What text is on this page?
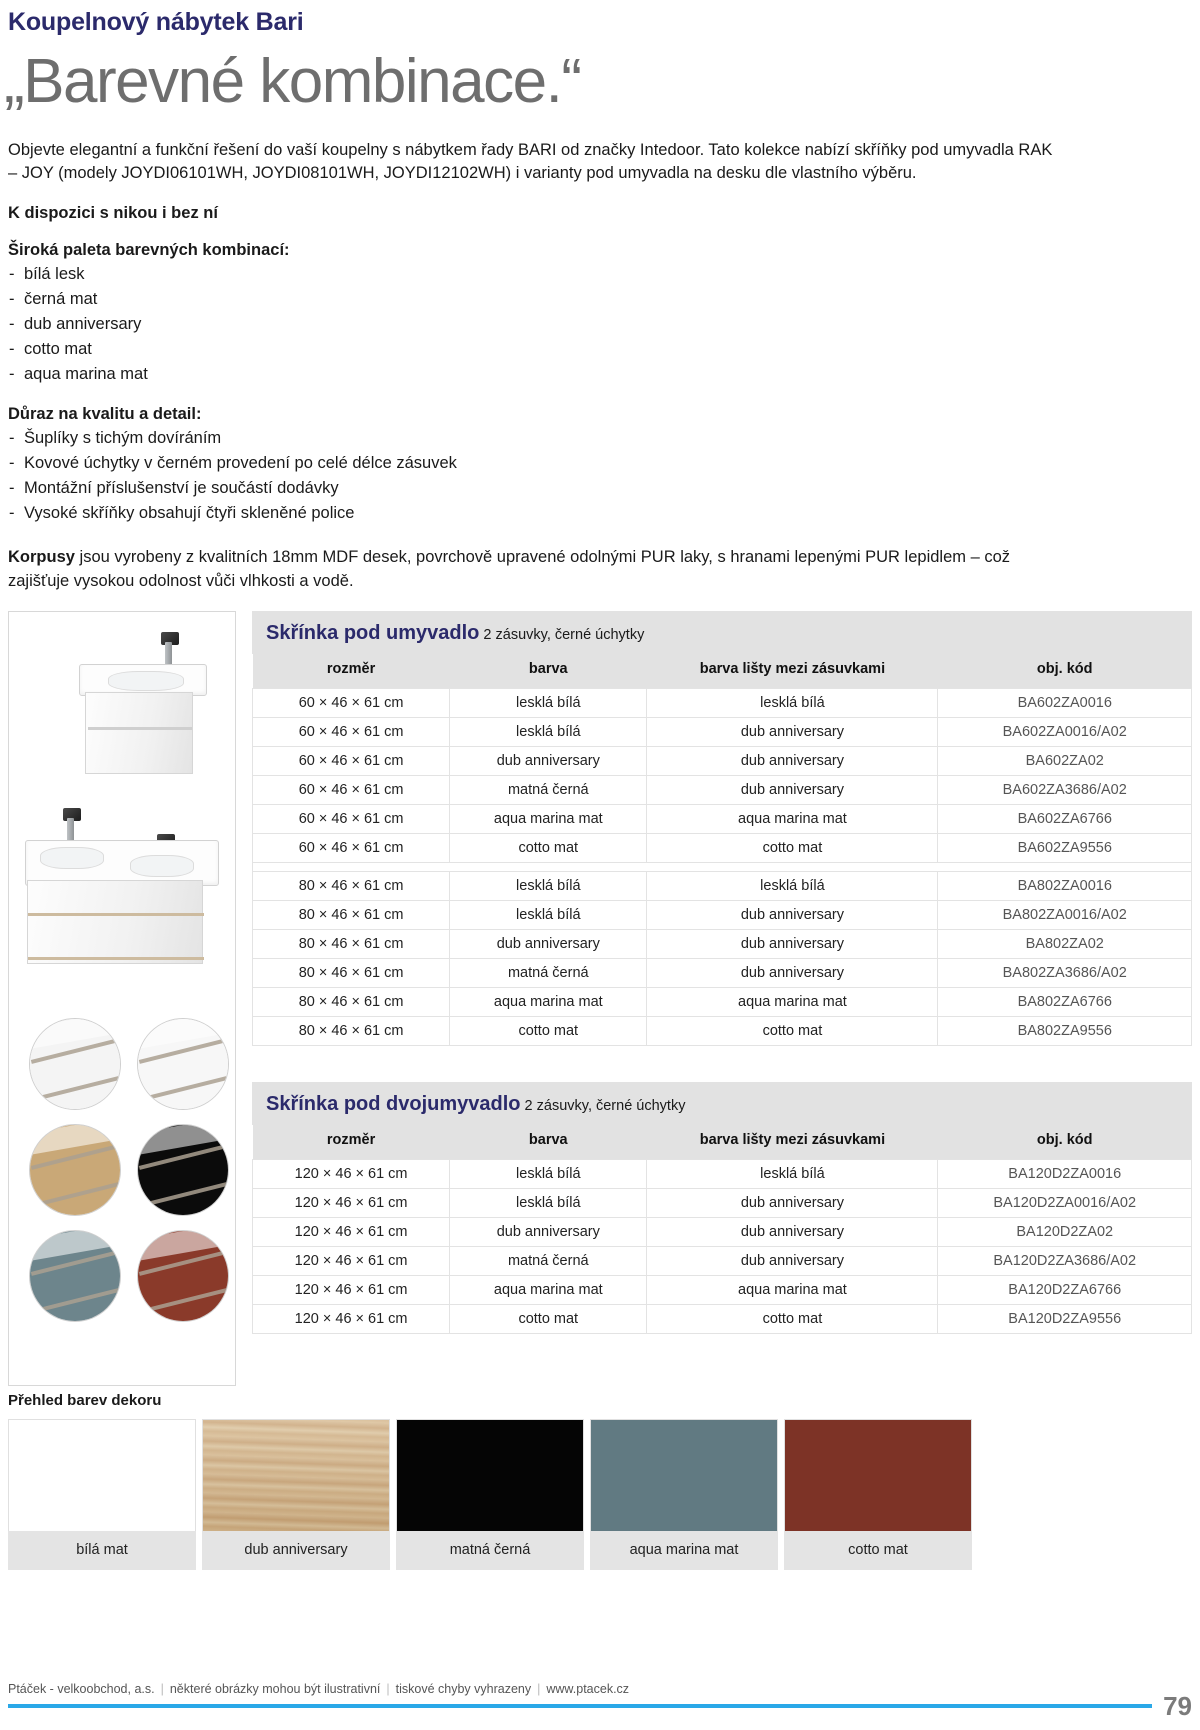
Koupelnový nábytek Bari
„Barevné kombinace.“

Objevte elegantní a funkční řešení do vaší koupelny s nábytkem řady BARI od značky Intedoor. Tato kolekce nabízí skříňky pod umyvadla RAK – JOY (modely JOYDI06101WH, JOYDI08101WH, JOYDI12102WH) i varianty pod umyvadla na desku dle vlastního výběru.

K dispozici s nikou i bez ní
Široká paleta barevných kombinací:
- bílá lesk
- černá mat
- dub anniversary
- cotto mat
- aqua marina mat
Důraz na kvalitu a detail:
- Šuplíky s tichým dovíráním
- Kovové úchytky v černém provedení po celé délce zásuvek
- Montážní příslušenství je součástí dodávky
- Vysoké skříňky obsahují čtyři skleněné police

Korpusy jsou vyrobeny z kvalitních 18mm MDF desek, povrchově upravené odolnými PUR laky, s hranami lepenými PUR lepidlem – což zajišťuje vysokou odolnost vůči vlhkosti a vodě.

Skřínka pod umyvadlo 2 zásuvky, černé úchytky
rozměr	barva	barva lišty mezi zásuvkami	obj. kód
60 × 46 × 61 cm	lesklá bílá	lesklá bílá	BA602ZA0016
60 × 46 × 61 cm	lesklá bílá	dub anniversary	BA602ZA0016/A02
60 × 46 × 61 cm	dub anniversary	dub anniversary	BA602ZA02
60 × 46 × 61 cm	matná černá	dub anniversary	BA602ZA3686/A02
60 × 46 × 61 cm	aqua marina mat	aqua marina mat	BA602ZA6766
60 × 46 × 61 cm	cotto mat	cotto mat	BA602ZA9556

80 × 46 × 61 cm	lesklá bílá	lesklá bílá	BA802ZA0016
80 × 46 × 61 cm	lesklá bílá	dub anniversary	BA802ZA0016/A02
80 × 46 × 61 cm	dub anniversary	dub anniversary	BA802ZA02
80 × 46 × 61 cm	matná černá	dub anniversary	BA802ZA3686/A02
80 × 46 × 61 cm	aqua marina mat	aqua marina mat	BA802ZA6766
80 × 46 × 61 cm	cotto mat	cotto mat	BA802ZA9556
Skřínka pod dvojumyvadlo 2 zásuvky, černé úchytky
rozměr	barva	barva lišty mezi zásuvkami	obj. kód
120 × 46 × 61 cm	lesklá bílá	lesklá bílá	BA120D2ZA0016
120 × 46 × 61 cm	lesklá bílá	dub anniversary	BA120D2ZA0016/A02
120 × 46 × 61 cm	dub anniversary	dub anniversary	BA120D2ZA02
120 × 46 × 61 cm	matná černá	dub anniversary	BA120D2ZA3686/A02
120 × 46 × 61 cm	aqua marina mat	aqua marina mat	BA120D2ZA6766
120 × 46 × 61 cm	cotto mat	cotto mat	BA120D2ZA9556
Přehled barev dekoru
bílá mat	dub anniversary	matná černá	aqua marina mat	cotto mat
Ptáček - velkoobchod, a.s. | některé obrázky mohou být ilustrativní | tiskové chyby vyhrazeny | www.ptacek.cz
79
